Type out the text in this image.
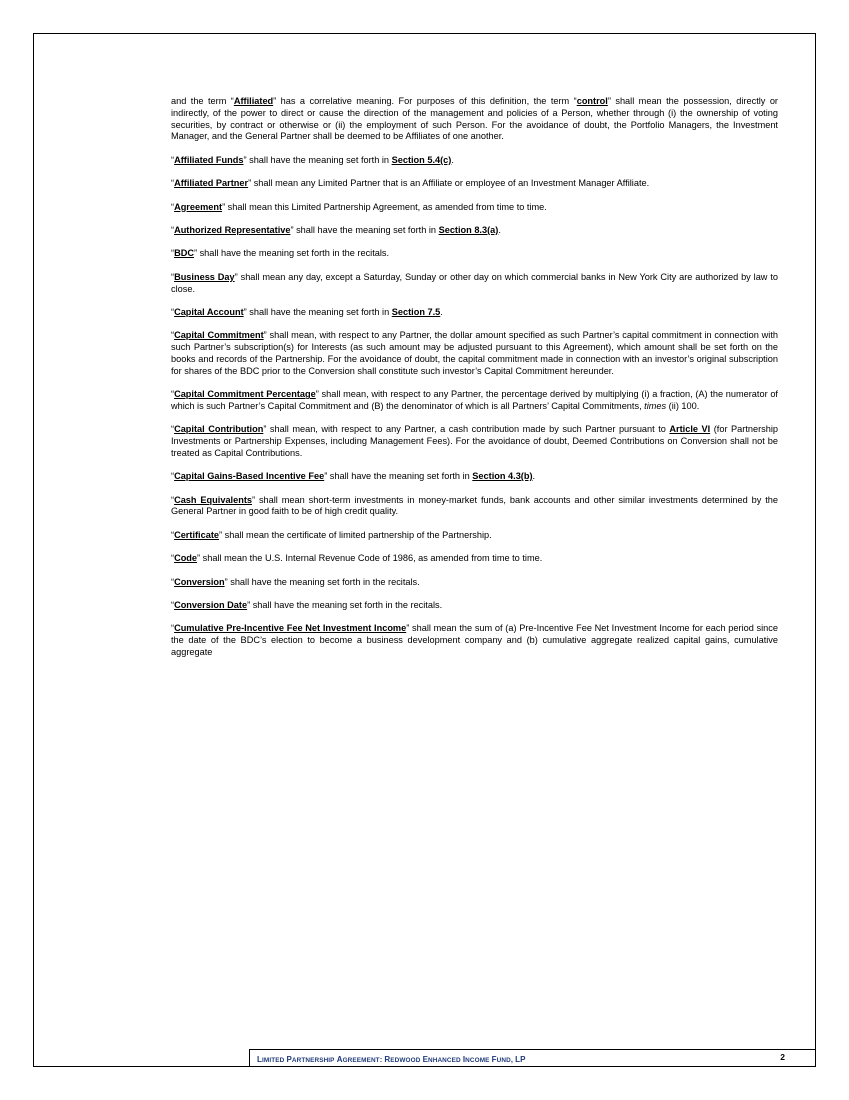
and the term “Affiliated” has a correlative meaning. For purposes of this definition, the term “control” shall mean the possession, directly or indirectly, of the power to direct or cause the direction of the management and policies of a Person, whether through (i) the ownership of voting securities, by contract or otherwise or (ii) the employment of such Person. For the avoidance of doubt, the Portfolio Managers, the Investment Manager, and the General Partner shall be deemed to be Affiliates of one another.

“Affiliated Funds” shall have the meaning set forth in Section 5.4(c).

“Affiliated Partner” shall mean any Limited Partner that is an Affiliate or employee of an Investment Manager Affiliate.

“Agreement” shall mean this Limited Partnership Agreement, as amended from time to time.

“Authorized Representative” shall have the meaning set forth in Section 8.3(a).

“BDC” shall have the meaning set forth in the recitals.

“Business Day” shall mean any day, except a Saturday, Sunday or other day on which commercial banks in New York City are authorized by law to close.

“Capital Account” shall have the meaning set forth in Section 7.5.

“Capital Commitment” shall mean, with respect to any Partner, the dollar amount specified as such Partner’s capital commitment in connection with such Partner’s subscription(s) for Interests (as such amount may be adjusted pursuant to this Agreement), which amount shall be set forth on the books and records of the Partnership. For the avoidance of doubt, the capital commitment made in connection with an investor’s original subscription for shares of the BDC prior to the Conversion shall constitute such investor’s Capital Commitment hereunder.

“Capital Commitment Percentage” shall mean, with respect to any Partner, the percentage derived by multiplying (i) a fraction, (A) the numerator of which is such Partner’s Capital Commitment and (B) the denominator of which is all Partners’ Capital Commitments, times (ii) 100.

“Capital Contribution” shall mean, with respect to any Partner, a cash contribution made by such Partner pursuant to Article VI (for Partnership Investments or Partnership Expenses, including Management Fees). For the avoidance of doubt, Deemed Contributions on Conversion shall not be treated as Capital Contributions.

“Capital Gains-Based Incentive Fee” shall have the meaning set forth in Section 4.3(b).

“Cash Equivalents” shall mean short-term investments in money-market funds, bank accounts and other similar investments determined by the General Partner in good faith to be of high credit quality.

“Certificate” shall mean the certificate of limited partnership of the Partnership.

“Code” shall mean the U.S. Internal Revenue Code of 1986, as amended from time to time.

“Conversion” shall have the meaning set forth in the recitals.

“Conversion Date” shall have the meaning set forth in the recitals.

“Cumulative Pre-Incentive Fee Net Investment Income” shall mean the sum of (a) Pre-Incentive Fee Net Investment Income for each period since the date of the BDC’s election to become a business development company and (b) cumulative aggregate realized capital gains, cumulative aggregate

LIMITED PARTNERSHIP AGREEMENT: REDWOOD ENHANCED INCOME FUND, LP	2
